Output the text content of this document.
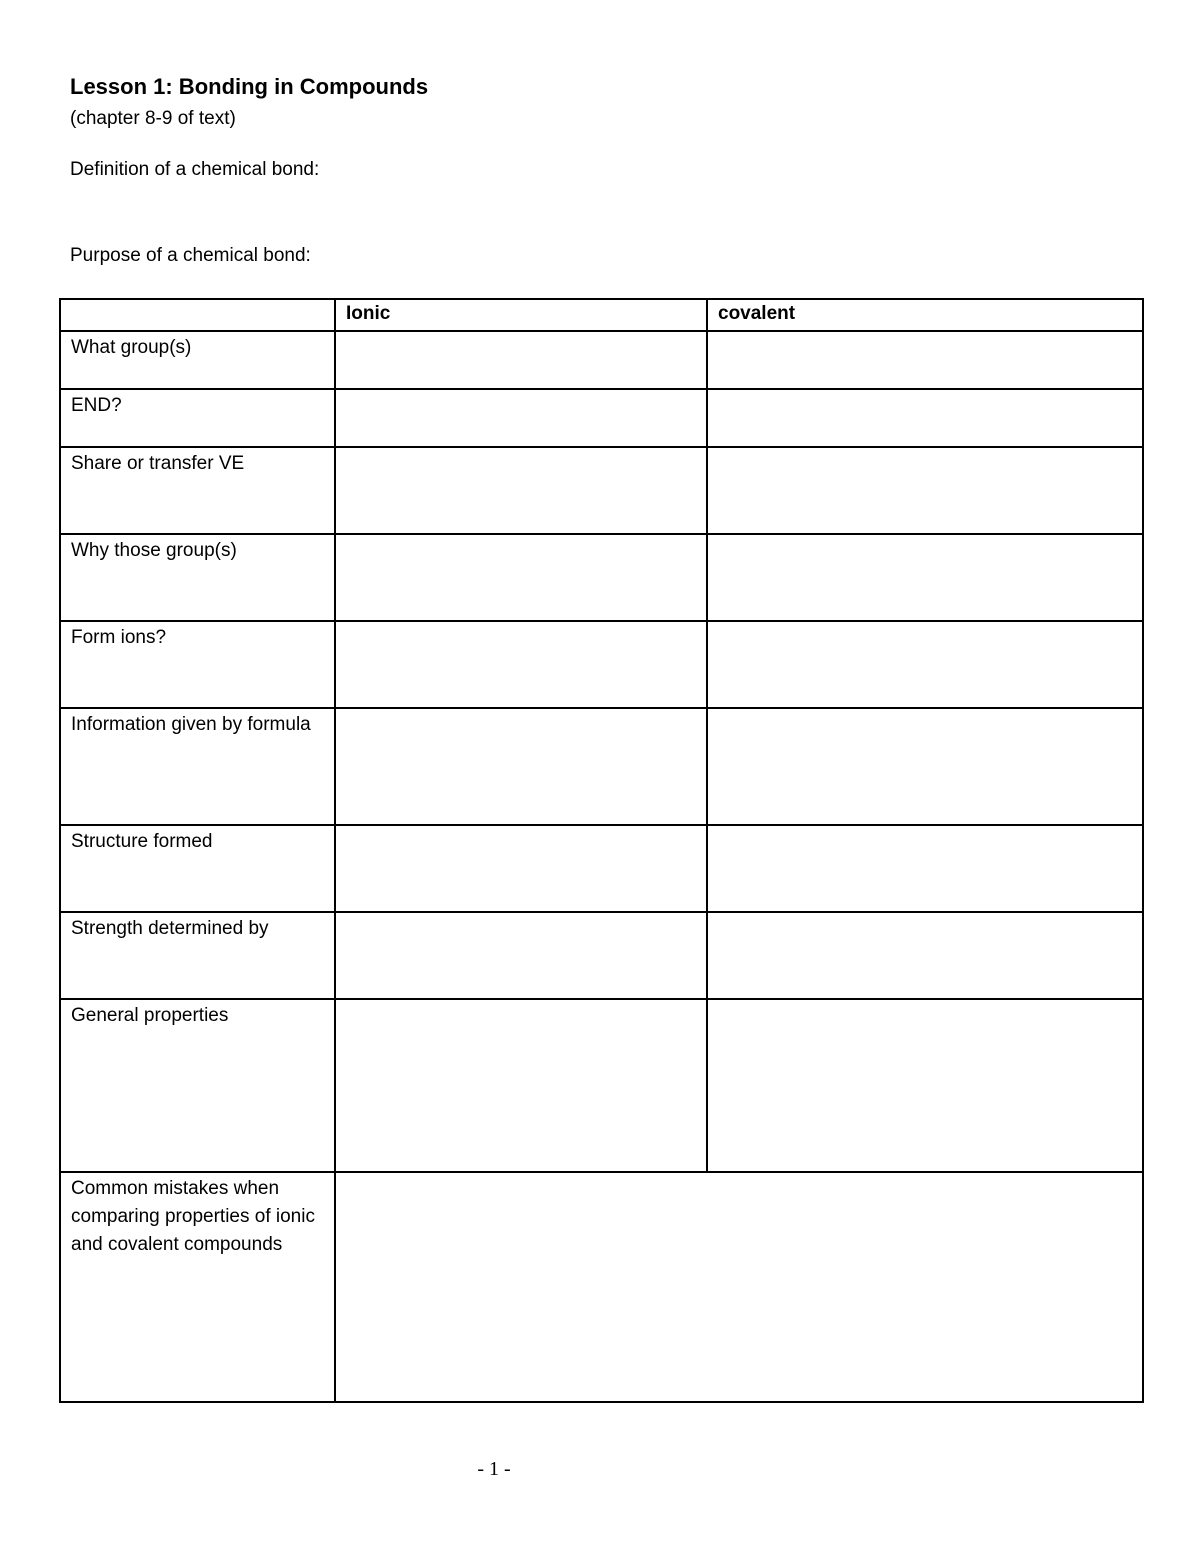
Lesson 1: Bonding in Compounds
(chapter 8-9 of text)
Definition of a chemical bond:
Purpose of a chemical bond:
	Ionic	covalent
What group(s)		
END?		
Share or transfer VE		
Why those group(s)		
Form ions?		
Information given by formula		
Structure formed		
Strength determined by		
General properties		
Common mistakes when comparing properties of ionic and covalent compounds		
- 1 -
